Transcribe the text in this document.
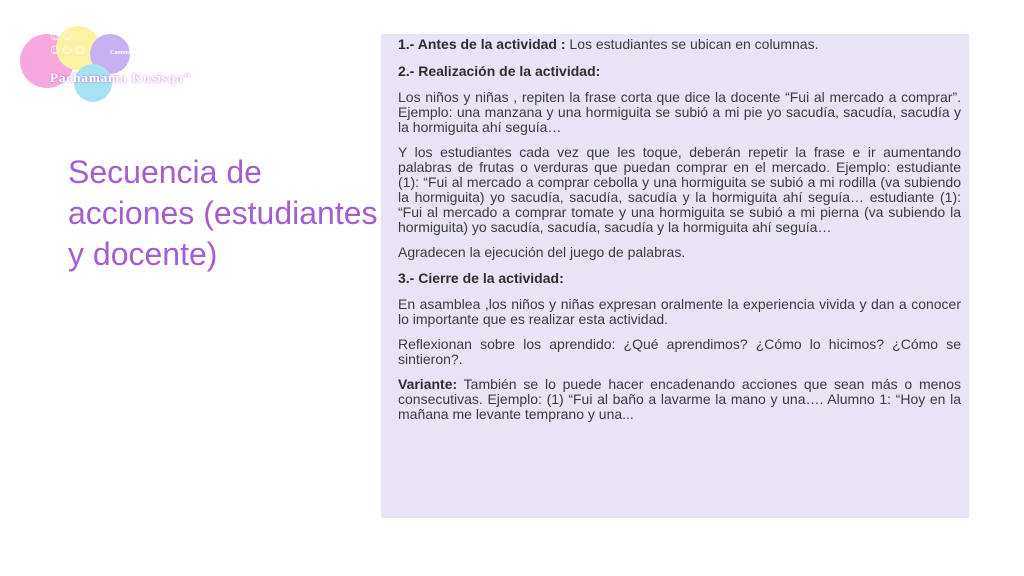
☺☺
☺☺☺	Comunidad Bilingüe
Pachamama Kusisqa”
Secuencia de acciones (estudiantes y docente)

1.- Antes de la actividad : Los estudiantes se ubican en columnas.

2.- Realización de la actividad:

Los niños y niñas , repiten la frase corta que dice la docente “Fui al mercado a comprar”. Ejemplo: una manzana y una hormiguita se subió a mi pie yo sacudía, sacudía, sacudía y la hormiguita ahí seguía…

Y los estudiantes cada vez que les toque, deberán repetir la frase e ir aumentando palabras de frutas o verduras que puedan comprar en el mercado. Ejemplo: estudiante (1): “Fui al mercado a comprar cebolla y una hormiguita se subió a mi rodilla (va subiendo la hormiguita) yo sacudía, sacudía, sacudía y la hormiguita ahí seguía… estudiante (1): “Fui al mercado a comprar tomate y una hormiguita se subió a mi pierna (va subiendo la hormiguita) yo sacudía, sacudía, sacudía y la hormiguita ahí seguía…

Agradecen la ejecución del juego de palabras.

3.- Cierre de la actividad:

En asamblea ,los niños y niñas expresan oralmente la experiencia vivida y dan a conocer lo importante que es realizar esta actividad.

Reflexionan sobre los aprendido: ¿Qué aprendimos? ¿Cómo lo hicimos? ¿Cómo se sintieron?.

Variante: También se lo puede hacer encadenando acciones que sean más o menos consecutivas. Ejemplo: (1) “Fui al baño a lavarme la mano y una…. Alumno 1: “Hoy en la mañana me levante temprano y una...
